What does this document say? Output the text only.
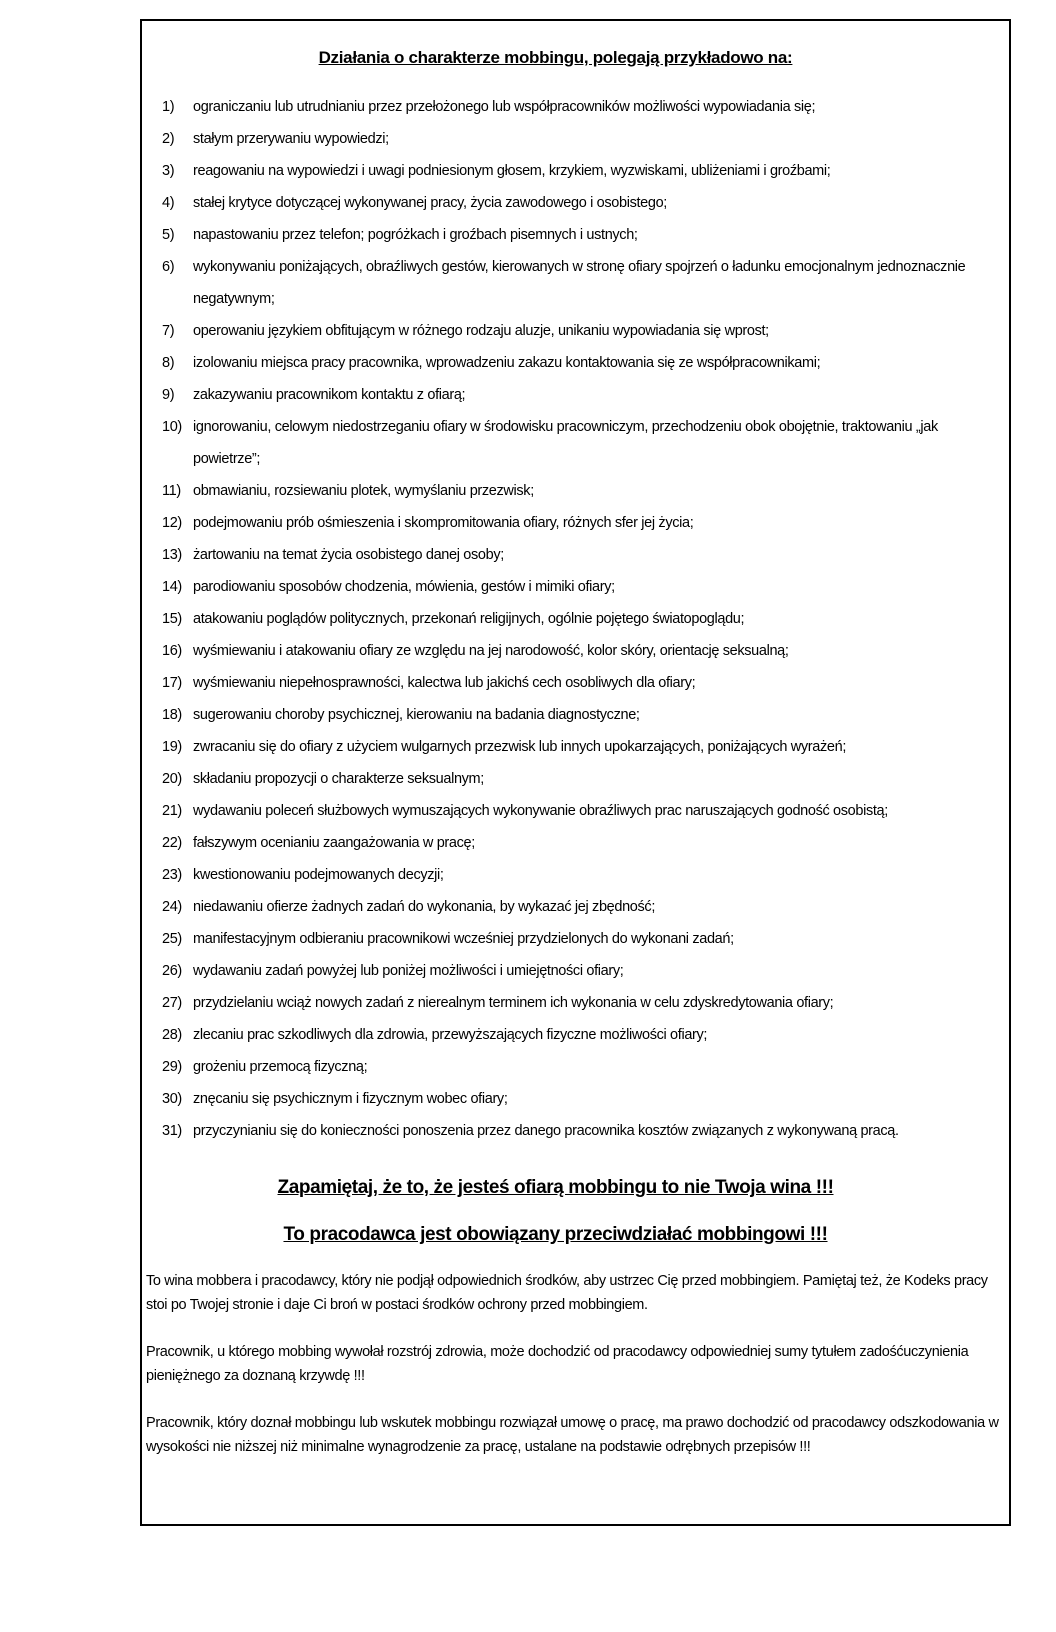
Działania o charakterze mobbingu, polegają przykładowo na:
1)	ograniczaniu lub utrudnianiu przez przełożonego lub współpracowników możliwości wypowiadania się;
2)	stałym przerywaniu wypowiedzi;
3)	reagowaniu na wypowiedzi i uwagi podniesionym głosem, krzykiem, wyzwiskami, ubliżeniami i groźbami;
4)	stałej krytyce dotyczącej wykonywanej pracy, życia zawodowego i osobistego;
5)	napastowaniu przez telefon; pogróżkach i groźbach pisemnych i ustnych;
6)	wykonywaniu poniżających, obraźliwych gestów, kierowanych w stronę ofiary spojrzeń o ładunku emocjonalnym jednoznacznie negatywnym;
7)	operowaniu językiem obfitującym w różnego rodzaju aluzje, unikaniu wypowiadania się wprost;
8)	izolowaniu miejsca pracy pracownika, wprowadzeniu zakazu kontaktowania się ze współpracownikami;
9)	zakazywaniu pracownikom kontaktu z ofiarą;
10) ignorowaniu, celowym niedostrzeganiu ofiary w środowisku pracowniczym, przechodzeniu obok obojętnie, traktowaniu „jak powietrze”;
11) obmawianiu, rozsiewaniu plotek, wymyślaniu przezwisk;
12) podejmowaniu prób ośmieszenia i skompromitowania ofiary, różnych sfer jej życia;
13) żartowaniu na temat życia osobistego danej osoby;
14) parodiowaniu sposobów chodzenia, mówienia, gestów i mimiki ofiary;
15) atakowaniu poglądów politycznych, przekonań religijnych, ogólnie pojętego światopoglądu;
16) wyśmiewaniu i atakowaniu ofiary ze względu na jej narodowość, kolor skóry, orientację seksualną;
17) wyśmiewaniu niepełnosprawności, kalectwa lub jakichś cech osobliwych dla ofiary;
18) sugerowaniu choroby psychicznej, kierowaniu na badania diagnostyczne;
19) zwracaniu się do ofiary z użyciem wulgarnych przezwisk lub innych upokarzających, poniżających wyrażeń;
20) składaniu propozycji o charakterze seksualnym;
21) wydawaniu poleceń służbowych wymuszających wykonywanie obraźliwych prac naruszających godność osobistą;
22) fałszywym ocenianiu zaangażowania w pracę;
23) kwestionowaniu podejmowanych decyzji;
24) niedawaniu ofierze żadnych zadań do wykonania, by wykazać jej zbędność;
25) manifestacyjnym odbieraniu pracownikowi wcześniej przydzielonych do wykonani zadań;
26) wydawaniu zadań powyżej lub poniżej możliwości i umiejętności ofiary;
27) przydzielaniu wciąż nowych zadań z nierealnym terminem ich wykonania w celu zdyskredytowania ofiary;
28) zlecaniu prac szkodliwych dla zdrowia, przewyższających fizyczne możliwości ofiary;
29) grożeniu przemocą fizyczną;
30) znęcaniu się psychicznym i fizycznym wobec ofiary;
31) przyczynianiu się do konieczności ponoszenia przez danego pracownika kosztów związanych z wykonywaną pracą.
Zapamiętaj, że to, że jesteś ofiarą mobbingu to nie Twoja wina !!!
To pracodawca jest obowiązany przeciwdziałać mobbingowi !!!

To wina mobbera i pracodawcy, który nie podjął odpowiednich środków, aby ustrzec Cię przed mobbingiem. Pamiętaj też, że Kodeks pracy stoi po Twojej stronie i daje Ci broń w postaci środków ochrony przed mobbingiem.

Pracownik, u którego mobbing wywołał rozstrój zdrowia, może dochodzić od pracodawcy odpowiedniej sumy tytułem zadośćuczynienia pieniężnego za doznaną krzywdę !!!

Pracownik, który doznał mobbingu lub wskutek mobbingu rozwiązał umowę o pracę, ma prawo dochodzić od pracodawcy odszkodowania w wysokości nie niższej niż minimalne wynagrodzenie za pracę, ustalane na podstawie odrębnych przepisów !!!
